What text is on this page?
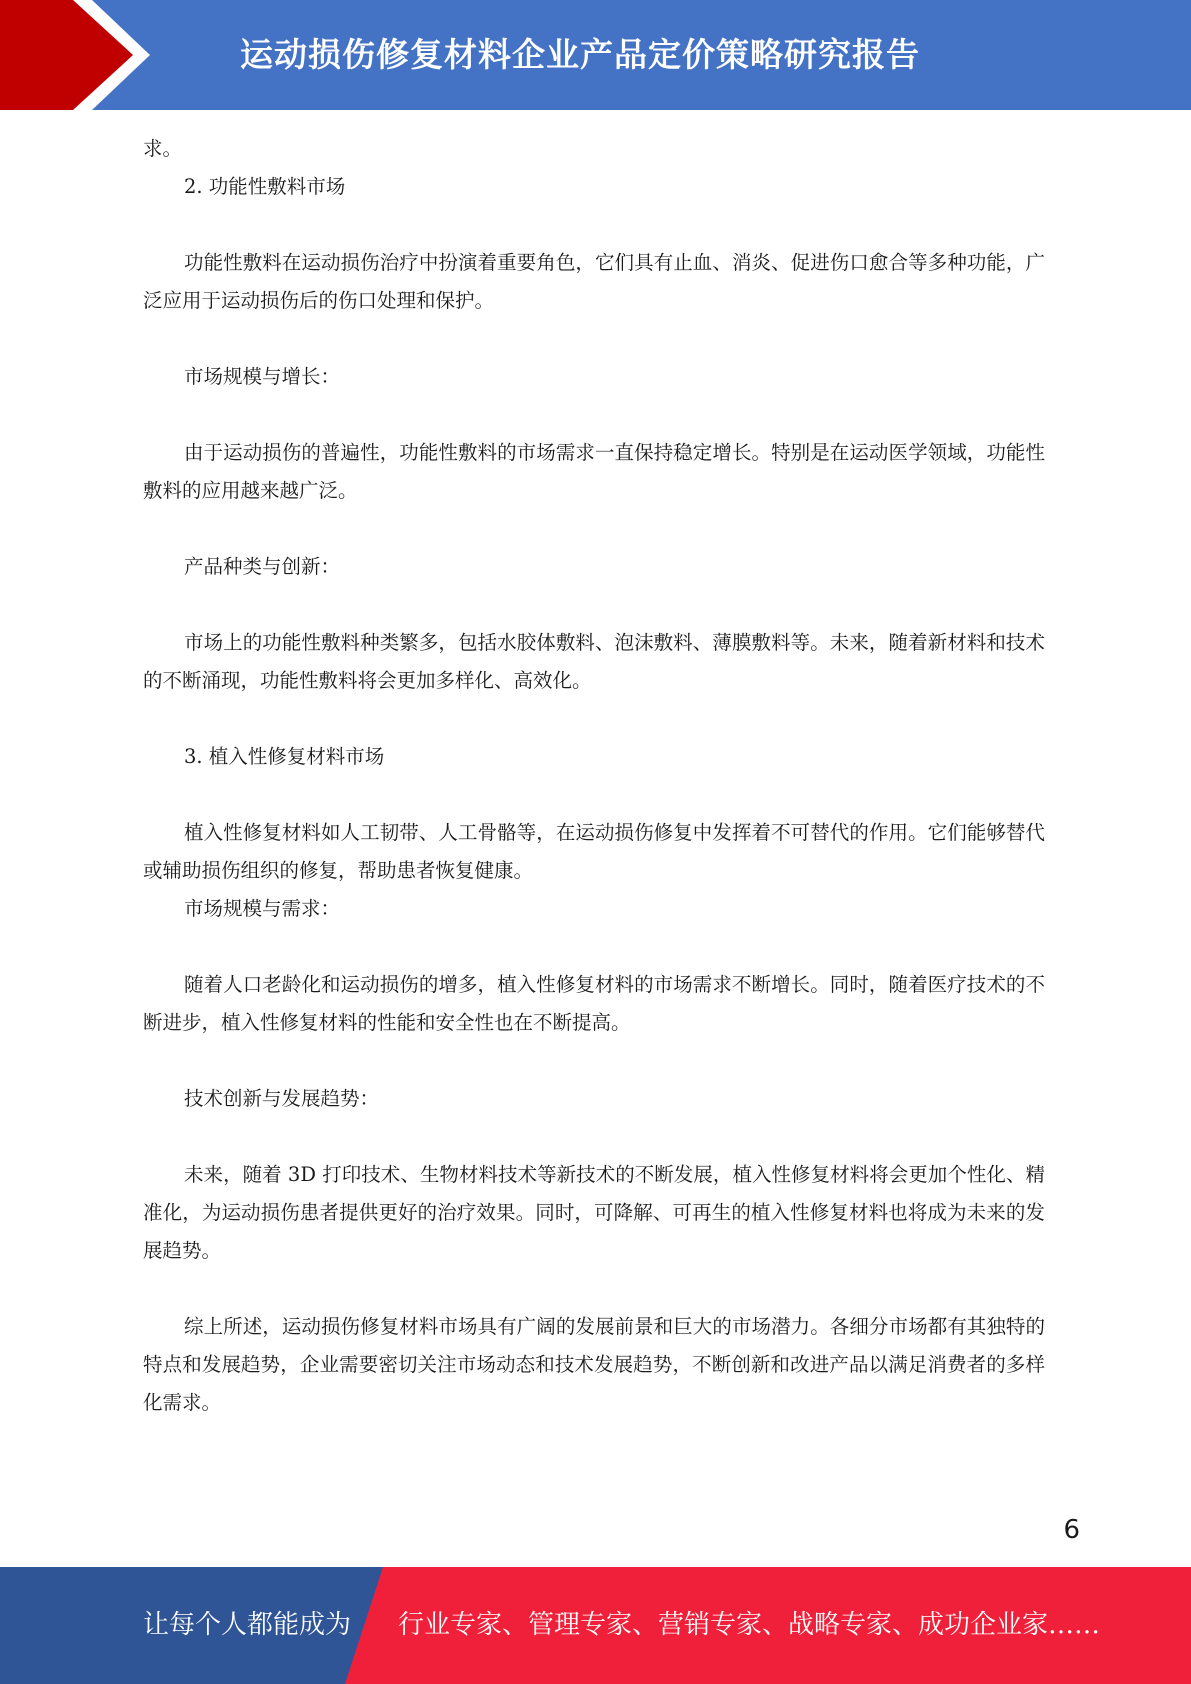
运动损伤修复材料企业产品定价策略研究报告

求。

2. 功能性敷料市场

功能性敷料在运动损伤治疗中扮演着重要角色，它们具有止血、消炎、促进伤口愈合等多种功能，广泛应用于运动损伤后的伤口处理和保护。

市场规模与增长：

由于运动损伤的普遍性，功能性敷料的市场需求一直保持稳定增长。特别是在运动医学领域，功能性敷料的应用越来越广泛。

产品种类与创新：

市场上的功能性敷料种类繁多，包括水胶体敷料、泡沫敷料、薄膜敷料等。未来，随着新材料和技术的不断涌现，功能性敷料将会更加多样化、高效化。

3. 植入性修复材料市场

植入性修复材料如人工韧带、人工骨骼等，在运动损伤修复中发挥着不可替代的作用。它们能够替代或辅助损伤组织的修复，帮助患者恢复健康。

市场规模与需求：

随着人口老龄化和运动损伤的增多，植入性修复材料的市场需求不断增长。同时，随着医疗技术的不断进步，植入性修复材料的性能和安全性也在不断提高。

技术创新与发展趋势：

未来，随着 3D 打印技术、生物材料技术等新技术的不断发展，植入性修复材料将会更加个性化、精准化，为运动损伤患者提供更好的治疗效果。同时，可降解、可再生的植入性修复材料也将成为未来的发展趋势。

综上所述，运动损伤修复材料市场具有广阔的发展前景和巨大的市场潜力。各细分市场都有其独特的特点和发展趋势，企业需要密切关注市场动态和技术发展趋势，不断创新和改进产品以满足消费者的多样化需求。

6
让每个人都能成为 行业专家、管理专家、营销专家、战略专家、成功企业家……
